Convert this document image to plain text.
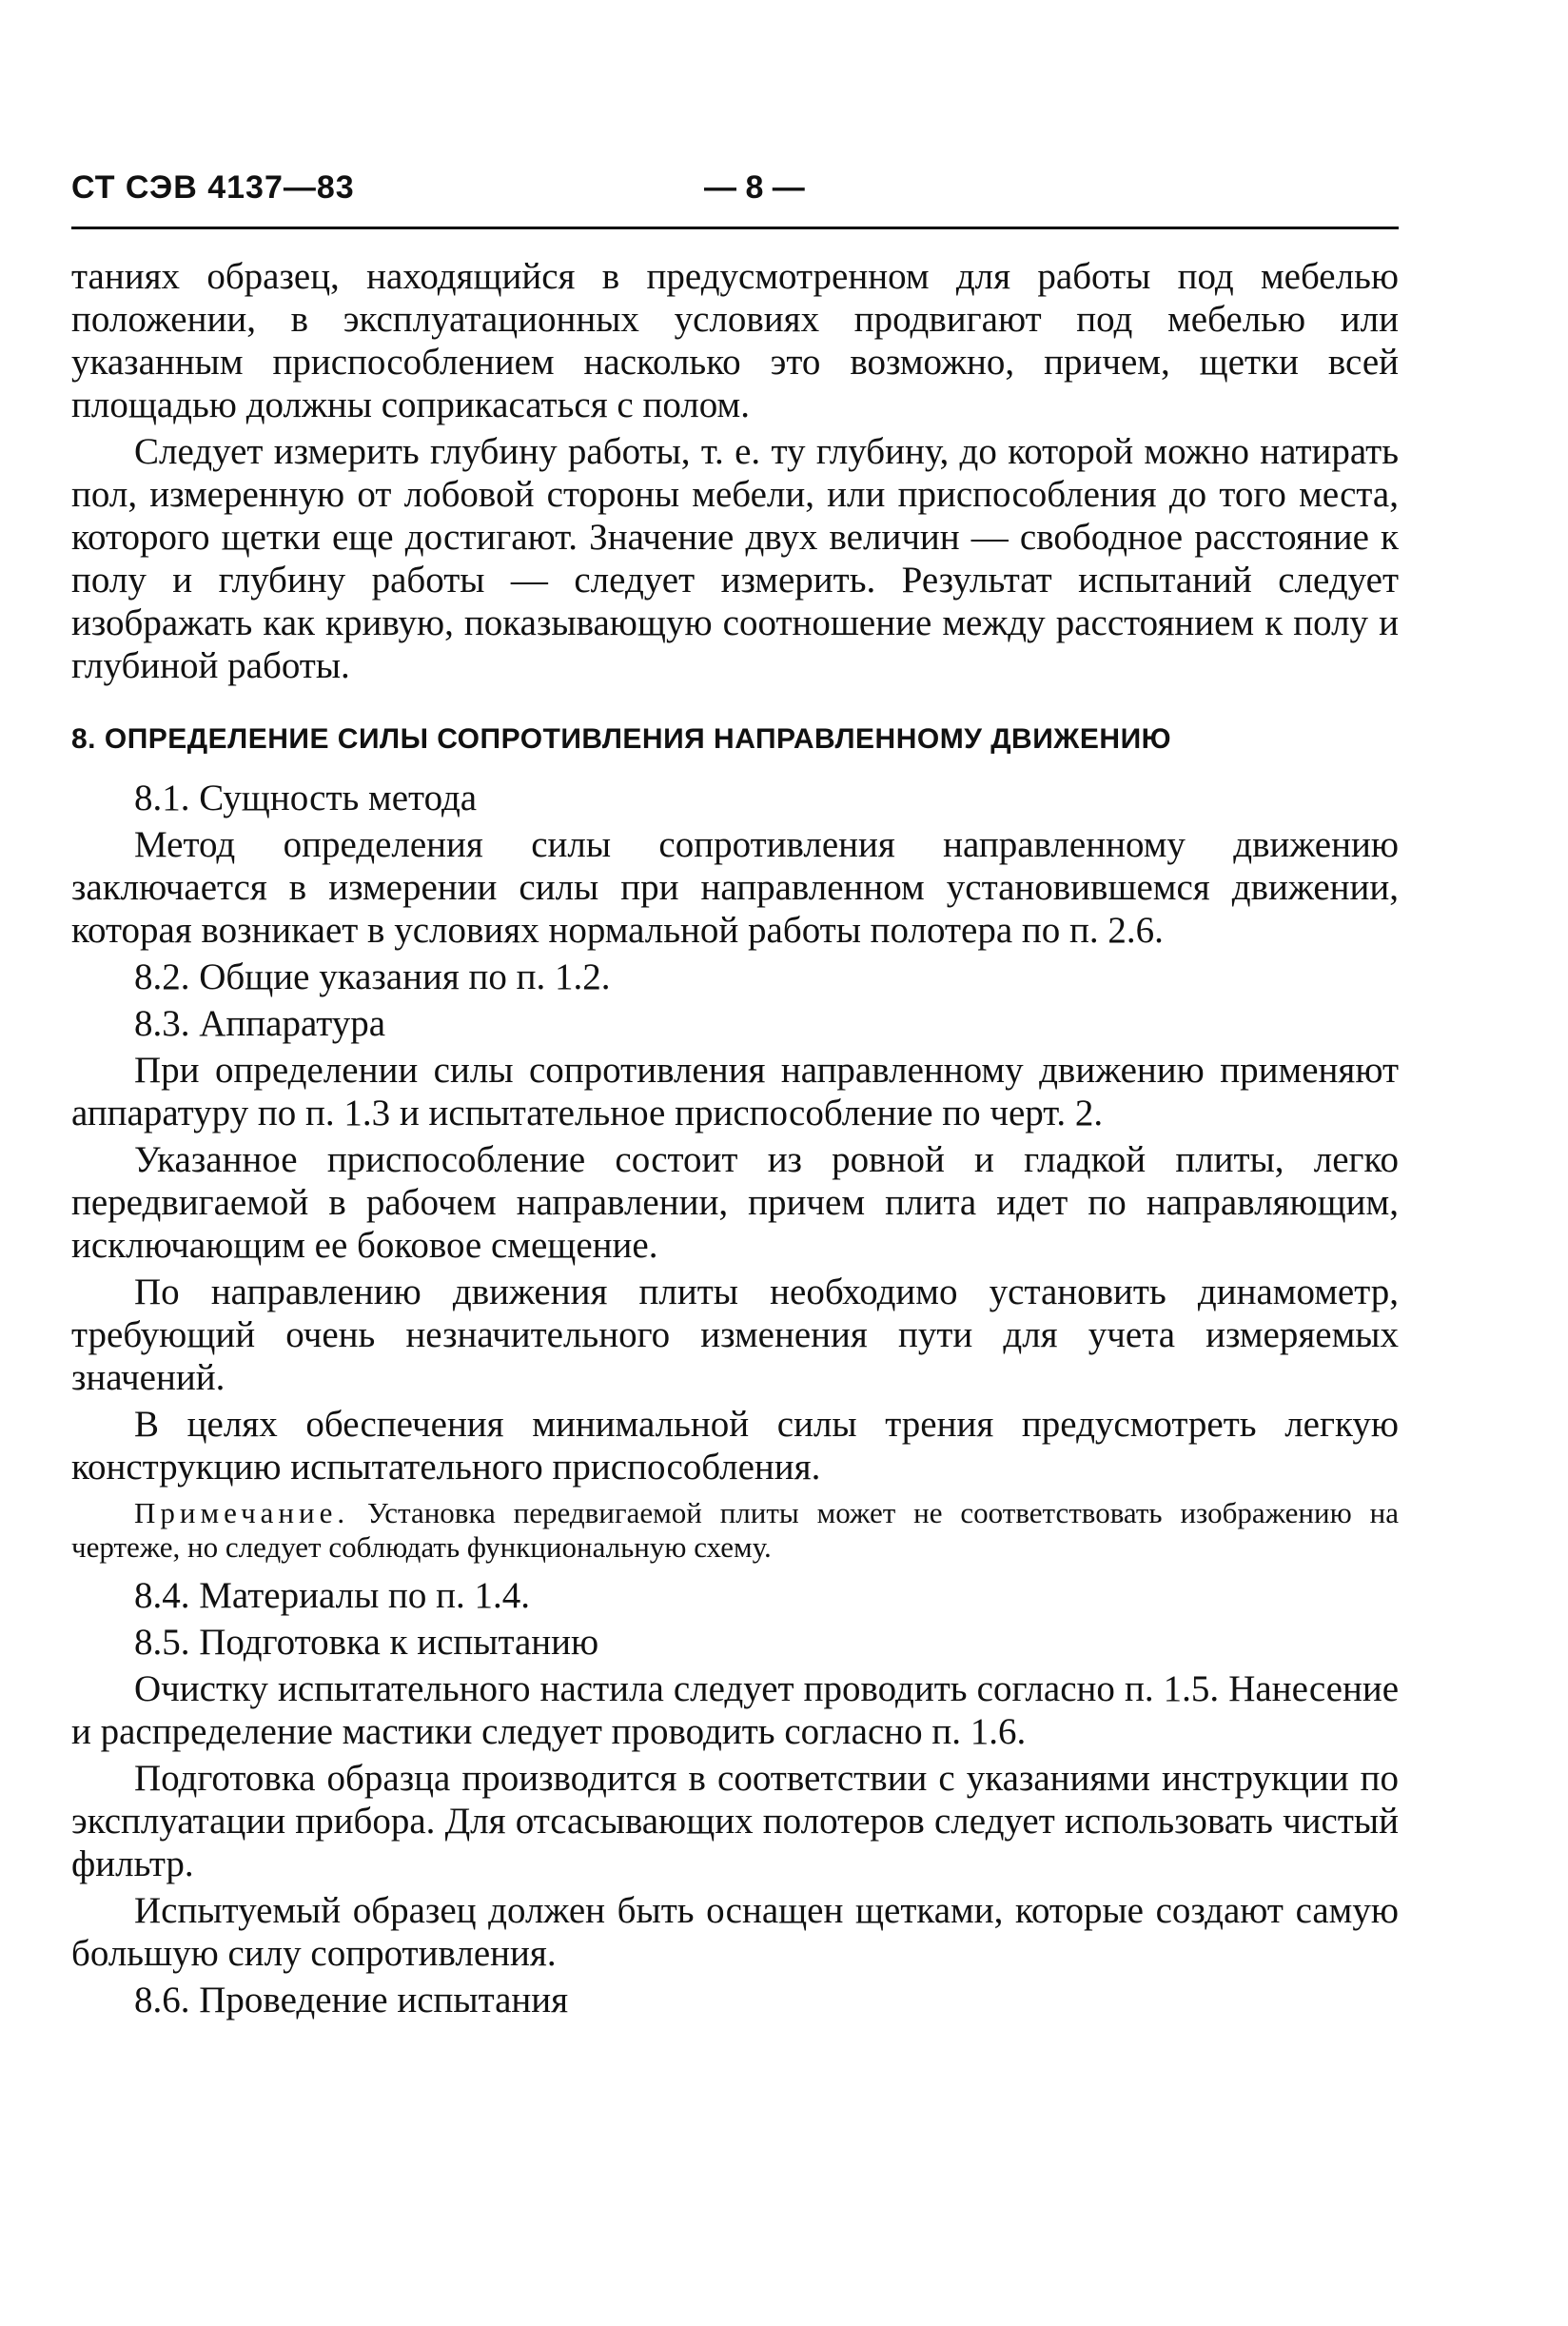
СТ СЭВ 4137—83	— 8 —

таниях образец, находящийся в предусмотренном для работы под мебелью положении, в эксплуатационных условиях продвигают под мебелью или указанным приспособлением насколько это возможно, причем, щетки всей площадью должны соприкасаться с полом.

Следует измерить глубину работы, т. е. ту глубину, до которой можно натирать пол, измеренную от лобовой стороны мебели, или приспособления до того места, которого щетки еще достигают. Значение двух величин — свободное расстояние к полу и глубину работы — следует измерить. Результат испытаний следует изображать как кривую, показывающую соотношение между расстоянием к полу и глубиной работы.

8. ОПРЕДЕЛЕНИЕ СИЛЫ СОПРОТИВЛЕНИЯ НАПРАВЛЕННОМУ ДВИЖЕНИЮ

8.1. Сущность метода

Метод определения силы сопротивления направленному движению заключается в измерении силы при направленном установившемся движении, которая возникает в условиях нормальной работы полотера по п. 2.6.

8.2. Общие указания по п. 1.2.

8.3. Аппаратура

При определении силы сопротивления направленному движению применяют аппаратуру по п. 1.3 и испытательное приспособление по черт. 2.

Указанное приспособление состоит из ровной и гладкой плиты, легко передвигаемой в рабочем направлении, причем плита идет по направляющим, исключающим ее боковое смещение.

По направлению движения плиты необходимо установить динамометр, требующий очень незначительного изменения пути для учета измеряемых значений.

В целях обеспечения минимальной силы трения предусмотреть легкую конструкцию испытательного приспособления.

Примечание. Установка передвигаемой плиты может не соответствовать изображению на чертеже, но следует соблюдать функциональную схему.

8.4. Материалы по п. 1.4.

8.5. Подготовка к испытанию

Очистку испытательного настила следует проводить согласно п. 1.5. Нанесение и распределение мастики следует проводить согласно п. 1.6.

Подготовка образца производится в соответствии с указаниями инструкции по эксплуатации прибора. Для отсасывающих полотеров следует использовать чистый фильтр.

Испытуемый образец должен быть оснащен щетками, которые создают самую большую силу сопротивления.

8.6. Проведение испытания
